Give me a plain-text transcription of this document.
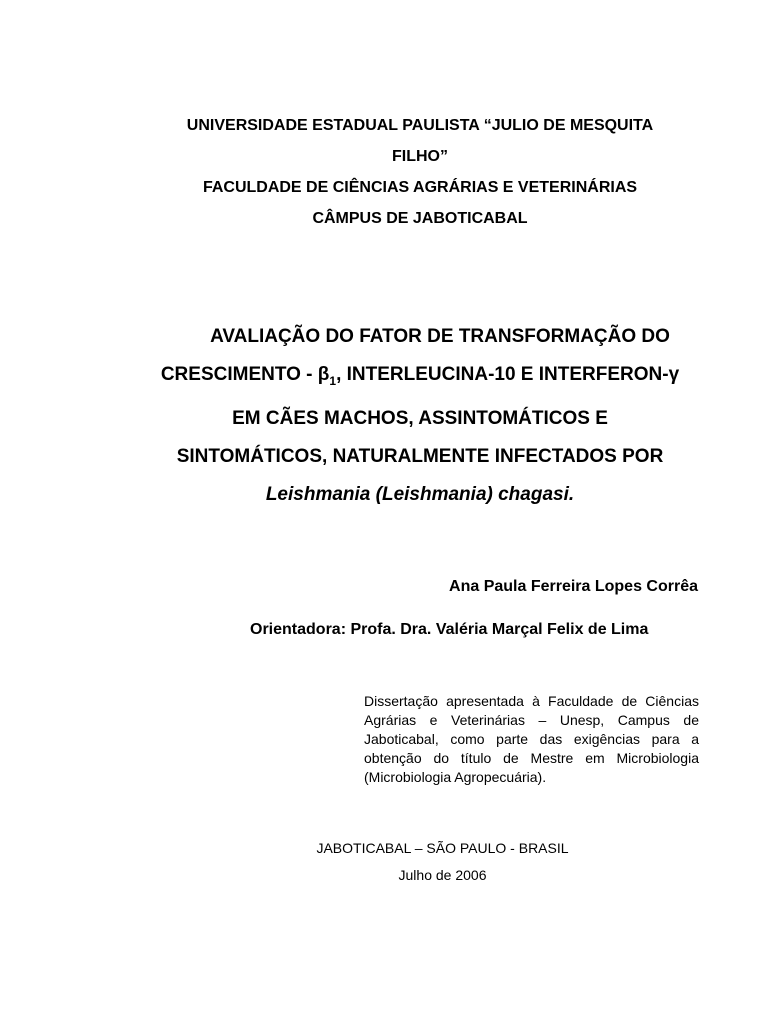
UNIVERSIDADE ESTADUAL PAULISTA “JULIO DE MESQUITA
FILHO”
FACULDADE DE CIÊNCIAS AGRÁRIAS E VETERINÁRIAS
CÂMPUS DE JABOTICABAL
AVALIAÇÃO DO FATOR DE TRANSFORMAÇÃO DO
CRESCIMENTO - $\beta_1$, INTERLEUCINA-10 E INTERFERON-γ
EM CÃES MACHOS, ASSINTOMÁTICOS E
SINTOMÁTICOS, NATURALMENTE INFECTADOS POR
Leishmania (Leishmania) chagasi.
Ana Paula Ferreira Lopes Corrêa
Orientadora: Profa. Dra. Valéria Marçal Felix de Lima
Dissertação apresentada à Faculdade de Ciências Agrárias e Veterinárias – Unesp, Campus de Jaboticabal, como parte das exigências para a obtenção do título de Mestre em Microbiologia (Microbiologia Agropecuária).
JABOTICABAL – SÃO PAULO - BRASIL
Julho de 2006
